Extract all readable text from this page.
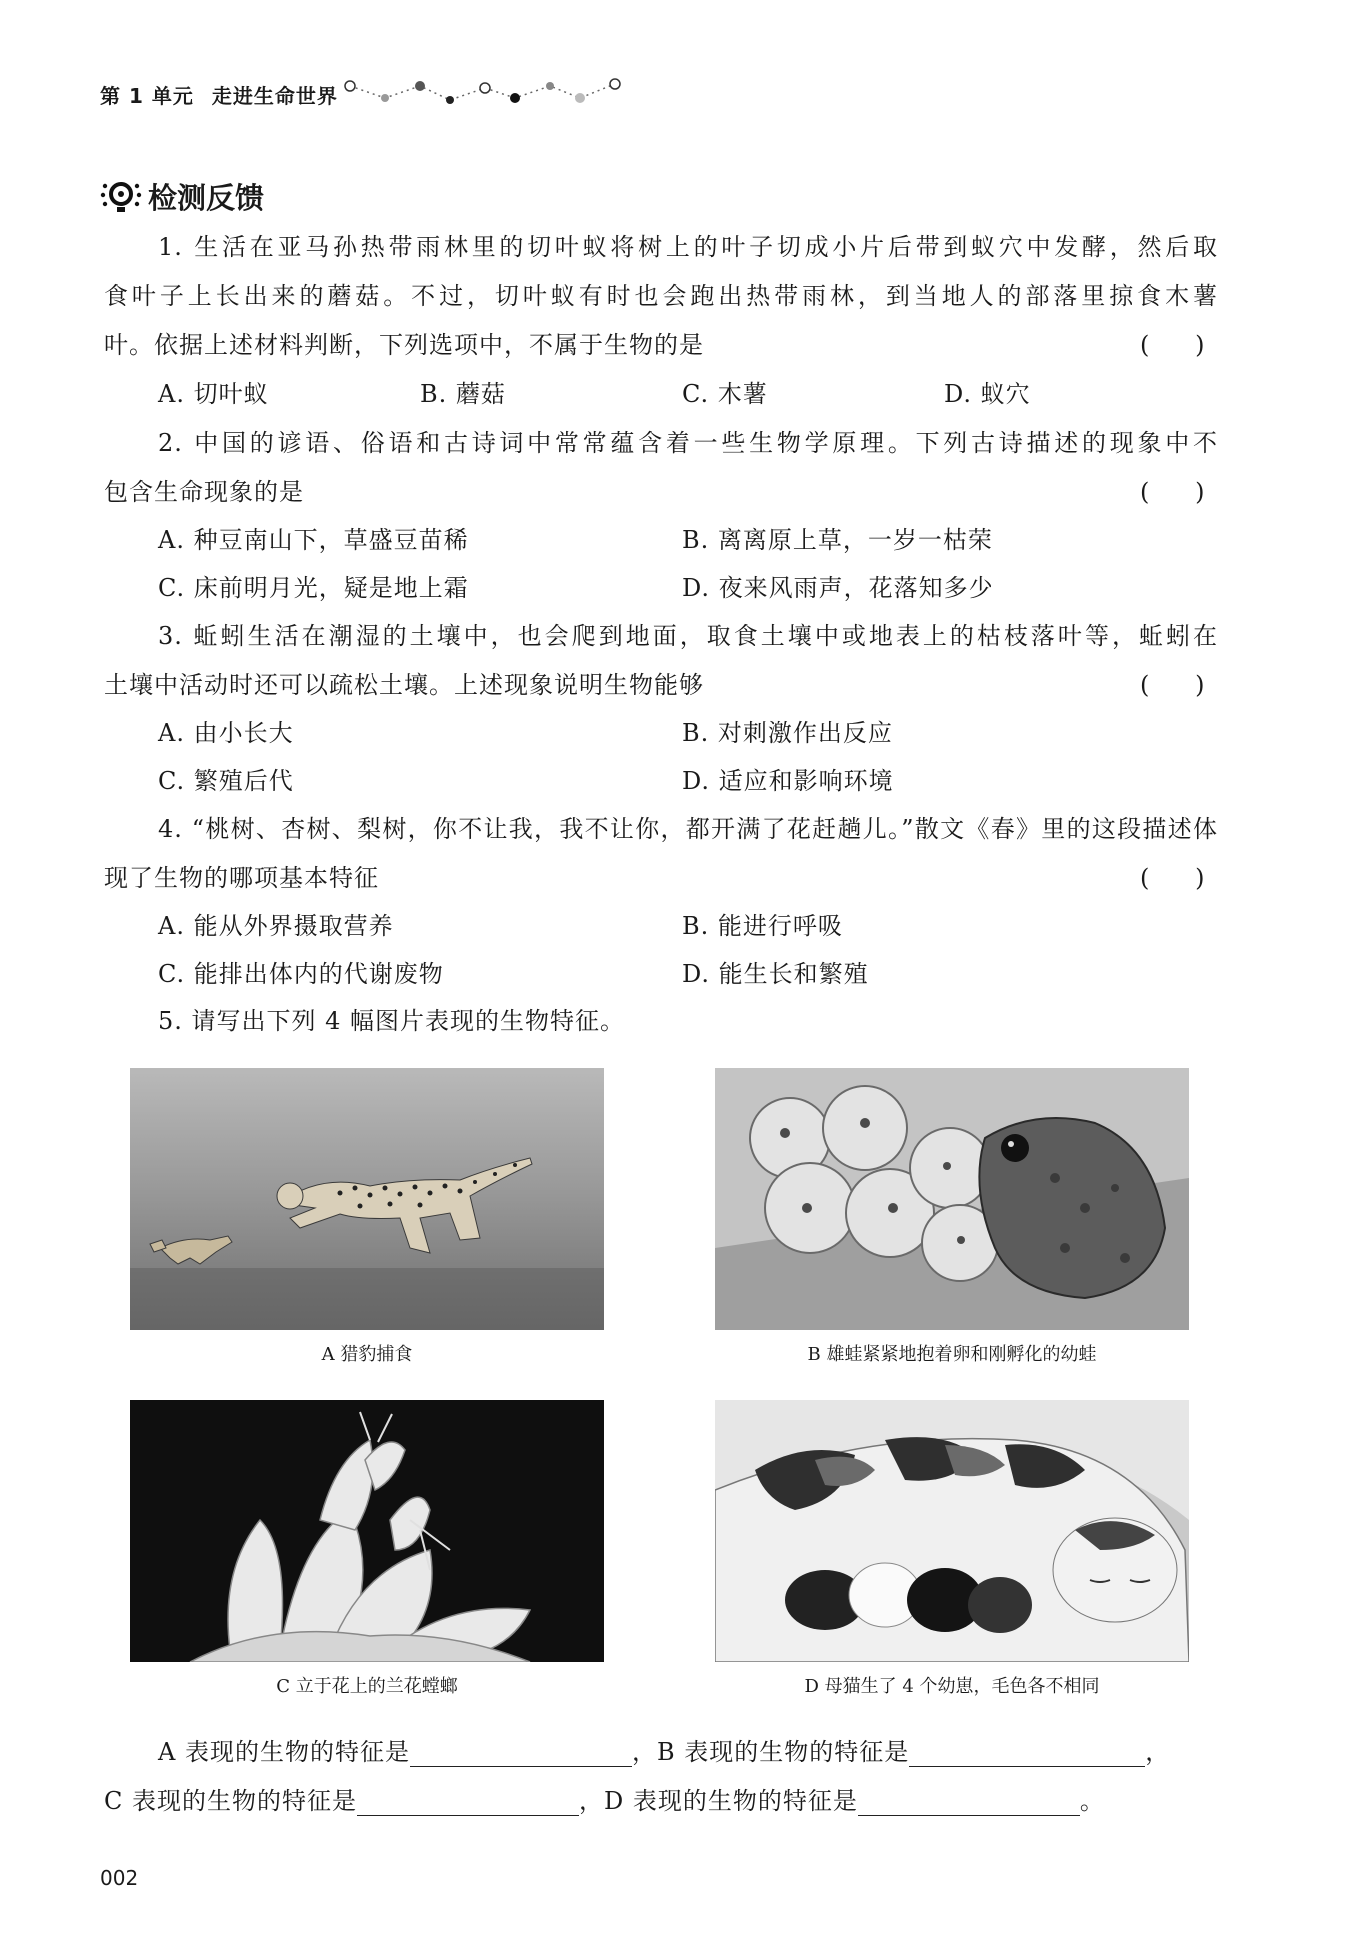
第 1 单元 走进生命世界
检测反馈
1. 生活在亚马孙热带雨林里的切叶蚁将树上的叶子切成小片后带到蚁穴中发酵，然后取
食叶子上长出来的蘑菇。不过，切叶蚁有时也会跑出热带雨林，到当地人的部落里掠食木薯
叶。依据上述材料判断，下列选项中，不属于生物的是	(      )
A. 切叶蚁	B. 蘑菇	C. 木薯	D. 蚁穴
2. 中国的谚语、俗语和古诗词中常常蕴含着一些生物学原理。下列古诗描述的现象中不
包含生命现象的是	(      )
A. 种豆南山下，草盛豆苗稀	B. 离离原上草，一岁一枯荣
C. 床前明月光，疑是地上霜	D. 夜来风雨声，花落知多少
3. 蚯蚓生活在潮湿的土壤中，也会爬到地面，取食土壤中或地表上的枯枝落叶等，蚯蚓在
土壤中活动时还可以疏松土壤。上述现象说明生物能够	(      )
A. 由小长大	B. 对刺激作出反应
C. 繁殖后代	D. 适应和影响环境
4. “桃树、杏树、梨树，你不让我，我不让你，都开满了花赶趟儿。”散文《春》里的这段描述体
现了生物的哪项基本特征	(      )
A. 能从外界摄取营养	B. 能进行呼吸
C. 能排出体内的代谢废物	D. 能生长和繁殖
5. 请写出下列 4 幅图片表现的生物特征。
A 猎豹捕食	B 雄蛙紧紧地抱着卵和刚孵化的幼蛙
C 立于花上的兰花螳螂	D 母猫生了 4 个幼崽，毛色各不相同
A 表现的生物的特征是	，B 表现的生物的特征是	，
C 表现的生物的特征是	，D 表现的生物的特征是	。
002
